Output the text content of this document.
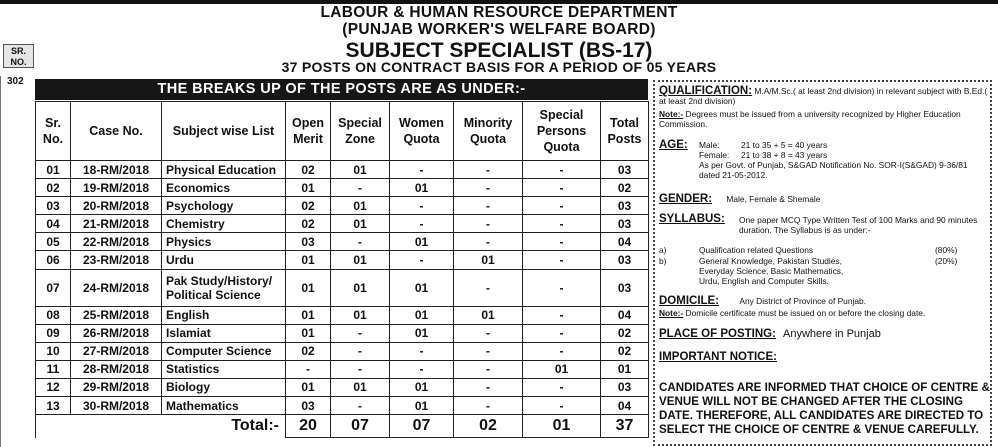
LABOUR & HUMAN RESOURCE DEPARTMENT
(PUNJAB WORKER'S WELFARE BOARD)
SR. NO.
302
SUBJECT SPECIALIST (BS-17)
37 POSTS ON CONTRACT BASIS FOR A PERIOD OF 05 YEARS
THE BREAKS UP OF THE POSTS ARE AS UNDER:-
Sr. No.	Case No.	Subject wise List	Open Merit	Special Zone	Women Quota	Minority Quota	Special Persons Quota	Total Posts
01	18-RM/2018	Physical Education	02	01	-	-	-	03
02	19-RM/2018	Economics	01	-	01	-	-	02
03	20-RM/2018	Psychology	02	01	-	-	-	03
04	21-RM/2018	Chemistry	02	01	-	-	-	03
05	22-RM/2018	Physics	03	-	01	-	-	04
06	23-RM/2018	Urdu	01	01	-	01	-	03
07	24-RM/2018	Pak Study/History/
Political Science	01	01	01	-	-	03
08	25-RM/2018	English	01	01	01	01	-	04
09	26-RM/2018	Islamiat	01	-	01	-	-	02
10	27-RM/2018	Computer Science	02	-	-	-	-	02
11	28-RM/2018	Statistics	-	-	-	-	01	01
12	29-RM/2018	Biology	01	01	01	-	-	03
13	30-RM/2018	Mathematics	03	-	01	-	-	04
		Total:-	20	07	07	02	01	37
QUALIFICATION: M.A/M.Sc.( at least 2nd division) in relevant subject with B.Ed.( at least 2nd division)
Note:- Degrees must be issued from a university recognized by Higher Education Commission.
AGE: Male:	21 to 35 + 5 = 40 years
Female:	21 to 38 + 8 = 43 years
As per Govt. of Punjab, S&GAD Notification No. SOR-I(S&GAD) 9-36/81 dated 21-05-2012.
GENDER: Male, Female & Shemale
SYLLABUS: One paper MCQ Type Written Test of 100 Marks and 90 minutes duration. The Syllabus is as under:-
a)	Qualification related Questions	(80%)
b)	General Knowledge, Pakistan Studies, Everyday Science, Basic Mathematics, Urdu, English and Computer Skills.
(20%)
DOMICILE: Any District of Province of Punjab.
Note:- Domicile certificate must be issued on or before the closing date.
PLACE OF POSTING: Anywhere in Punjab
IMPORTANT NOTICE:
CANDIDATES ARE INFORMED THAT CHOICE OF CENTRE & VENUE WILL NOT BE CHANGED AFTER THE CLOSING DATE. THEREFORE, ALL CANDIDATES ARE DIRECTED TO SELECT THE CHOICE OF CENTRE & VENUE CAREFULLY.
